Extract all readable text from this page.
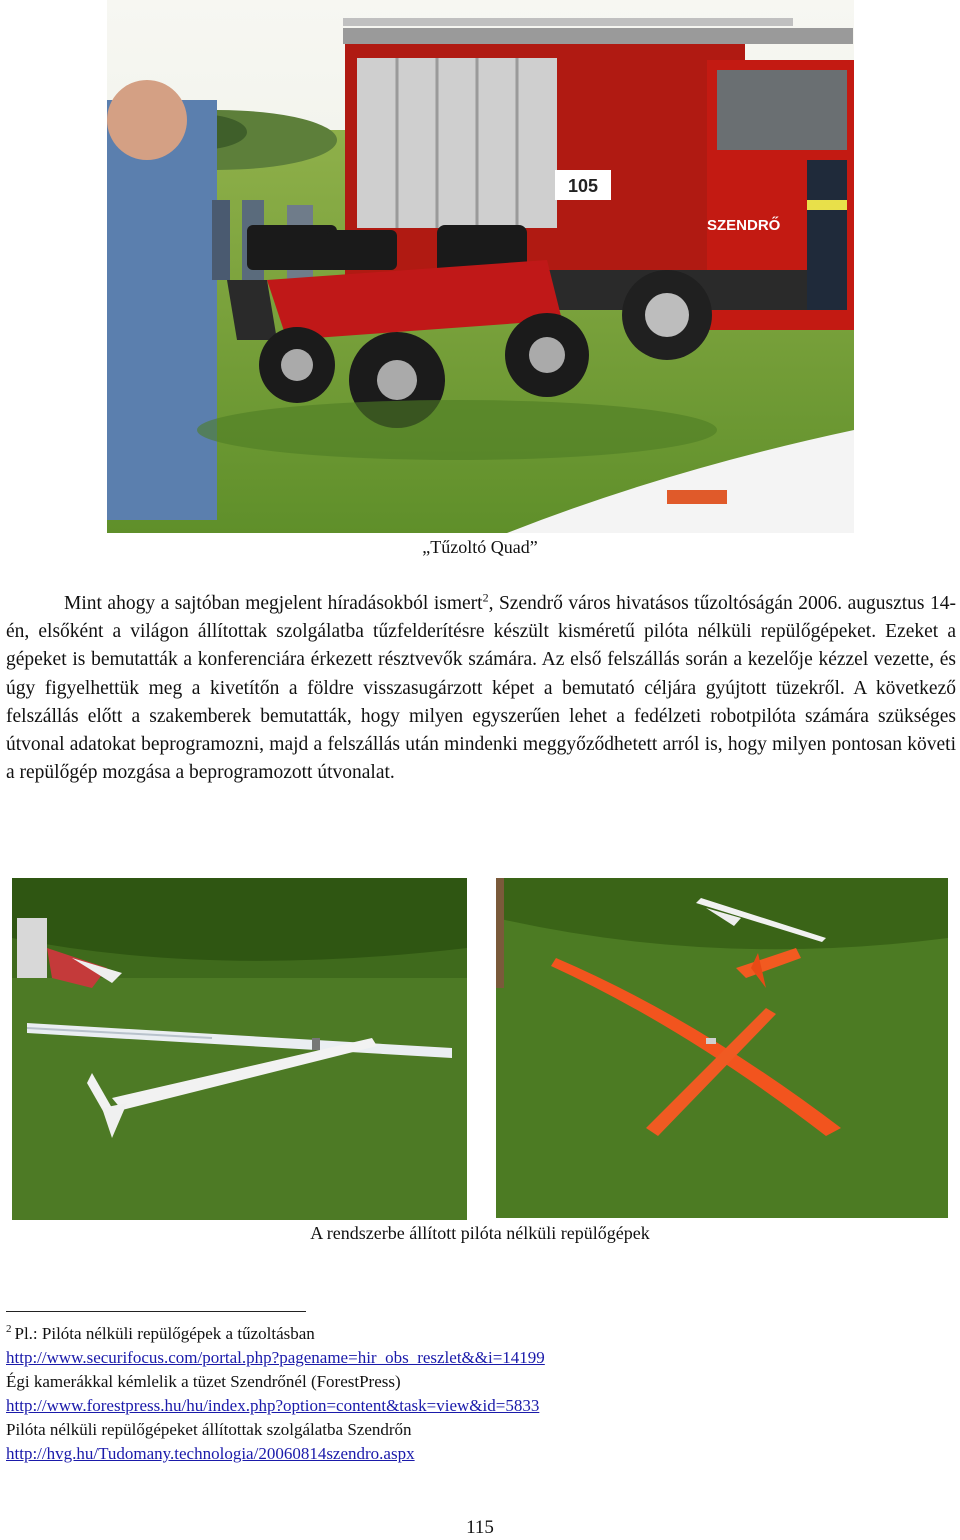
105
SZENDRŐ
„Tűzoltó Quad”

Mint ahogy a sajtóban megjelent híradásokból ismert$^2$, Szendrő város hivatásos tűzoltóságán 2006. augusztus 14-én, elsőként a világon állítottak szolgálatba tűzfelderítésre készült kisméretű pilóta nélküli repülőgépeket. Ezeket a gépeket is bemutatták a konferenciára érkezett résztvevők számára. Az első felszállás során a kezelője kézzel vezette, és úgy figyelhettük meg a kivetítőn a földre visszasugárzott képet a bemutató céljára gyújtott tüzekről. A következő felszállás előtt a szakemberek bemutatták, hogy milyen egyszerűen lehet a fedélzeti robotpilóta számára szükséges útvonal adatokat beprogramozni, majd a felszállás után mindenki meggyőződhetett arról is, hogy milyen pontosan követi a repülőgép mozgása a beprogramozott útvonalat.

A rendszerbe állított pilóta nélküli repülőgépek
$^2$ Pl.: Pilóta nélküli repülőgépek a tűzoltásban
http://www.securifocus.com/portal.php?pagename=hir_obs_reszlet&&i=14199
Égi kamerákkal kémlelik a tüzet Szendrőnél (ForestPress)
http://www.forestpress.hu/hu/index.php?option=content&task=view&id=5833
Pilóta nélküli repülőgépeket állítottak szolgálatba Szendrőn
http://hvg.hu/Tudomany.technologia/20060814szendro.aspx
115
